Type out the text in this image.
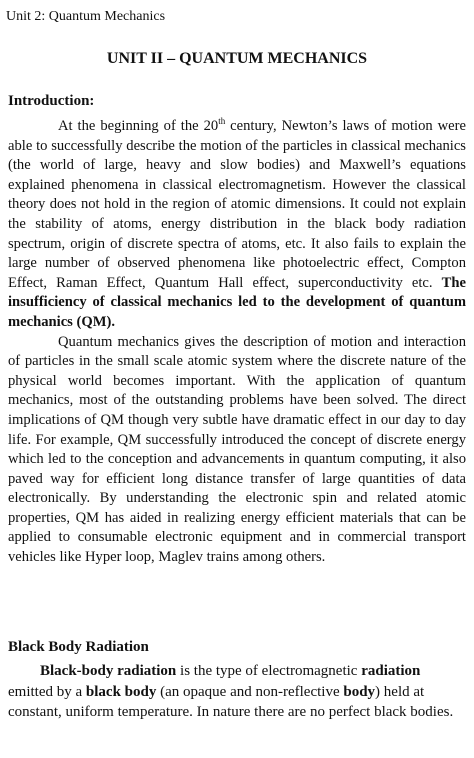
Unit 2: Quantum Mechanics
UNIT II – QUANTUM MECHANICS
Introduction:

At the beginning of the 20th century, Newton’s laws of motion were able to successfully describe the motion of the particles in classical mechanics (the world of large, heavy and slow bodies) and Maxwell’s equations explained phenomena in classical electromagnetism. However the classical theory does not hold in the region of atomic dimensions. It could not explain the stability of atoms, energy distribution in the black body radiation spectrum, origin of discrete spectra of atoms, etc. It also fails to explain the large number of observed phenomena like photoelectric effect, Compton Effect, Raman Effect, Quantum Hall effect, superconductivity etc. The insufficiency of classical mechanics led to the development of quantum mechanics (QM).

Quantum mechanics gives the description of motion and interaction of particles in the small scale atomic system where the discrete nature of the physical world becomes important. With the application of quantum mechanics, most of the outstanding problems have been solved. The direct implications of QM though very subtle have dramatic effect in our day to day life. For example, QM successfully introduced the concept of discrete energy which led to the conception and advancements in quantum computing, it also paved way for efficient long distance transfer of large quantities of data electronically. By understanding the electronic spin and related atomic properties, QM has aided in realizing energy efficient materials that can be applied to consumable electronic equipment and in commercial transport vehicles like Hyper loop, Maglev trains among others.

Black Body Radiation
Black-body radiation is the type of electromagnetic radiation emitted by a black body (an opaque and non-reflective body) held at constant, uniform temperature. In nature there are no perfect black bodies.
